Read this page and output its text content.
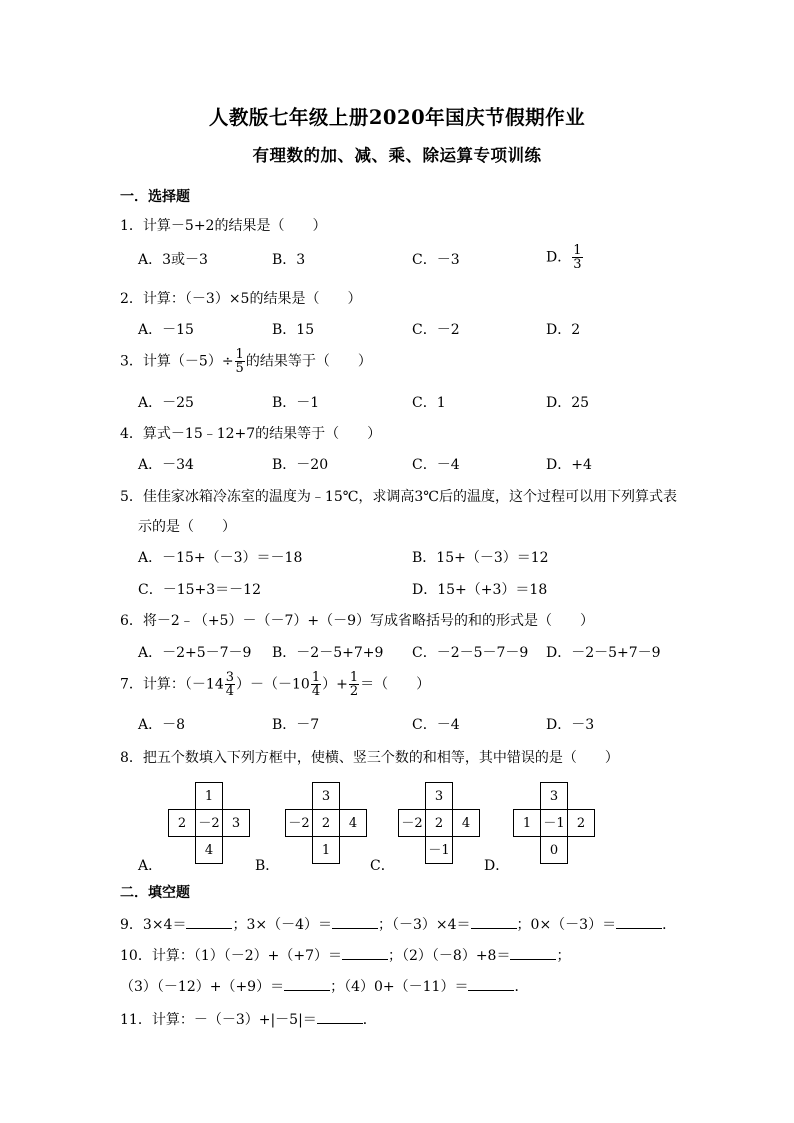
人教版七年级上册2020年国庆节假期作业
有理数的加、减、乘、除运算专项训练
一．选择题
1．计算－5+2的结果是（　　）
A．3或－3	B．3	C．－3	D． $\frac{1}{3}$
2．计算：（－3）×5的结果是（　　）
A．－15	B．15	C．－2	D．2
3．计算$(-5)\div \frac{1}{5}$ 的结果等于（　　）
A．－25	B．－1	C．1	D．25
4．算式－15﹣12+7的结果等于（　　）
A．－34	B．－20	C．－4	D．+4
5．佳佳家冰箱冷冻室的温度为﹣15℃，求调高3℃后的温度，这个过程可以用下列算式表
示的是（　　）
A．－15+（－3）＝－18	B．15+（－3）＝12
C．－15+3＝－12	D．15+（+3）＝18
6．将－2﹣（+5）－（－7）+（－9）写成省略括号的和的形式是（　　）
A．－2+5－7－9 B．－2－5+7+9 C．－2－5－7－9 D．－2－5+7－9
7．计算：$(-14 \frac{3}{4} )-(-10 \frac{1}{4}$ ）+ $\frac{1}{2}$ ＝（　　）
A．－8	B．－7	C．－4	D．－3
8．把五个数填入下列方框中，使横、竖三个数的和相等，其中错误的是（　　）
1
2 －2 3
4
A．
3
－2 2	4
1
B．
3
－2 2	4
－1
C．
3
1 －1 2
0
D．
二．填空题
9．3×4＝	；3×（－4）＝	；（－3）×4＝	；0×（－3）＝	．
10．计算：（1）（－2）+（+7）＝	；（2）（－8）+8＝	；
（3）（－12）+（+9）＝	；（4）0+（－11）＝	．
11．计算：－（－3）+|－5|＝	．
